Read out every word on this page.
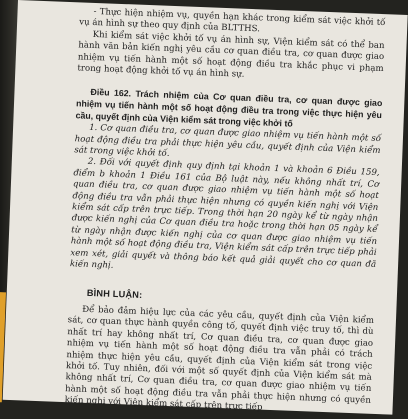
- Thực hiện nhiệm vụ, quyền hạn khác trong kiểm sát việc khởi tố vụ án hình sự theo quy định của BLTTHS.

Khi kiểm sát việc khởi tố vụ án hình sự, Viện kiểm sát có thể ban hành văn bản kiến nghị yêu cầu cơ quan điều tra, cơ quan được giao nhiệm vụ tiến hành một số hoạt động điều tra khắc phục vi phạm trong hoạt động khởi tố vụ án hình sự.

Điều 162. Trách nhiệm của Cơ quan điều tra, cơ quan được giao nhiệm vụ tiến hành một số hoạt động điều tra trong việc thực hiện yêu cầu, quyết định của Viện kiểm sát trong việc khởi tố

1. Cơ quan điều tra, cơ quan được giao nhiệm vụ tiến hành một số hoạt động điều tra phải thực hiện yêu cầu, quyết định của Viện kiểm sát trong việc khởi tố.

2. Đối với quyết định quy định tại khoản 1 và khoản 6 Điều 159, điểm b khoản 1 Điều 161 của Bộ luật này, nếu không nhất trí, Cơ quan điều tra, cơ quan được giao nhiệm vụ tiến hành một số hoạt động điều tra vẫn phải thực hiện nhưng có quyền kiến nghị với Viện kiểm sát cấp trên trực tiếp. Trong thời hạn 20 ngày kể từ ngày nhận được kiến nghị của Cơ quan điều tra hoặc trong thời hạn 05 ngày kể từ ngày nhận được kiến nghị của cơ quan được giao nhiệm vụ tiến hành một số hoạt động điều tra, Viện kiểm sát cấp trên trực tiếp phải xem xét, giải quyết và thông báo kết quả giải quyết cho cơ quan đã kiến nghị.

BÌNH LUẬN:

Để bảo đảm hiệu lực của các yêu cầu, quyết định của Viện kiểm sát, cơ quan thực hành quyền công tố, quyết định việc truy tố, thì dù nhất trí hay không nhất trí, Cơ quan điều tra, cơ quan được giao nhiệm vụ tiến hành một số hoạt động điều tra vẫn phải có trách nhiệm thực hiện yêu cầu, quyết định của Viện kiểm sát trong việc khởi tố. Tuy nhiên, đối với một số quyết định của Viện kiểm sát mà không nhất trí, Cơ quan điều tra, cơ quan được giao nhiệm vụ tiến hành một số hoạt động điều tra vẫn phải thực hiện nhưng có quyền kiến nghị với Viện kiểm sát cấp trên trực tiếp
